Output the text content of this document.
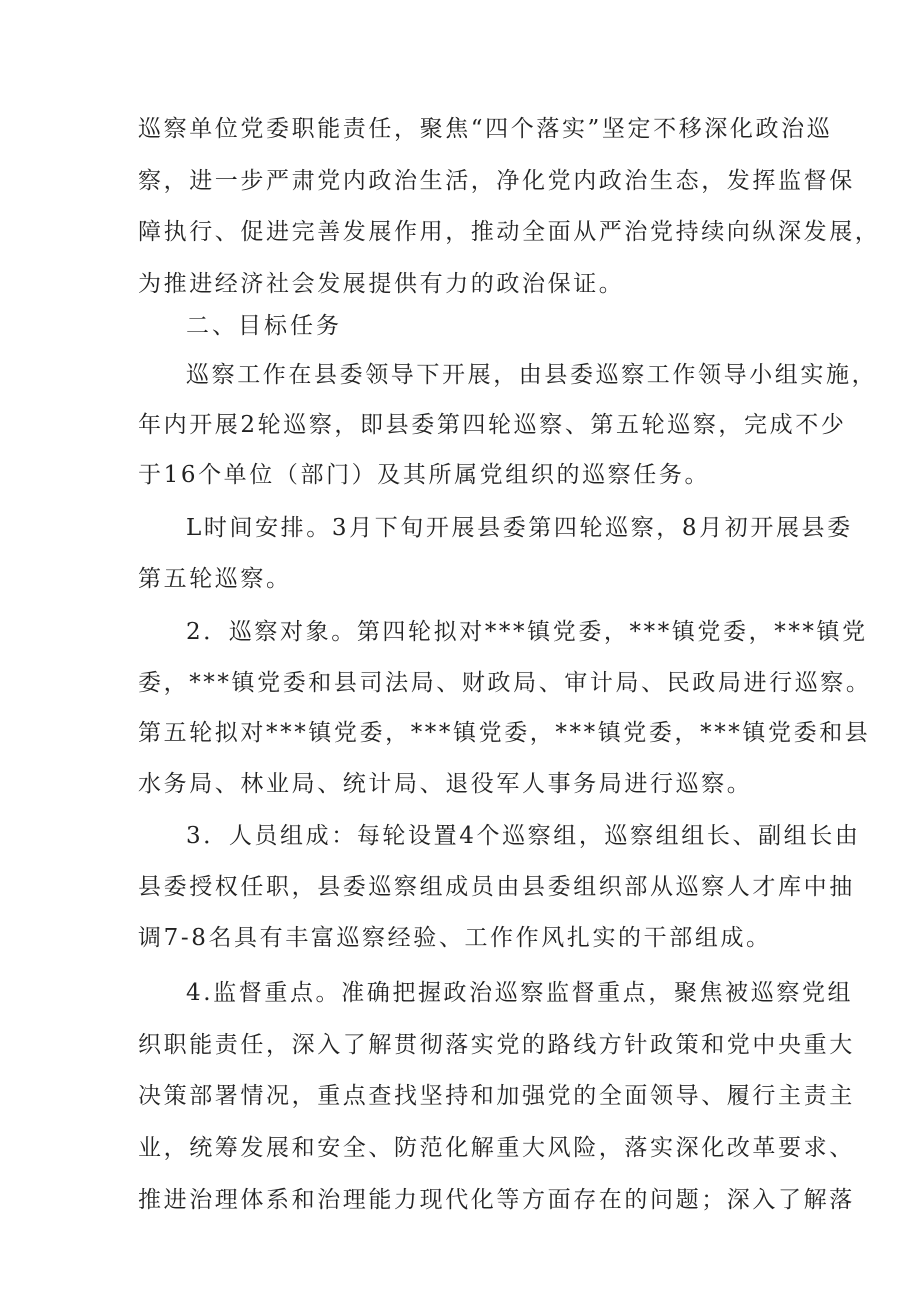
巡察单位党委职能责任，聚焦“四个落实”坚定不移深化政治巡
察，进一步严肃党内政治生活，净化党内政治生态，发挥监督保
障执行、促进完善发展作用，推动全面从严治党持续向纵深发展，
为推进经济社会发展提供有力的政治保证。
二、目标任务
巡察工作在县委领导下开展，由县委巡察工作领导小组实施，
年内开展2轮巡察，即县委第四轮巡察、第五轮巡察，完成不少
于16个单位（部门）及其所属党组织的巡察任务。
L时间安排。3月下旬开展县委第四轮巡察，8月初开展县委
第五轮巡察。
2．巡察对象。第四轮拟对***镇党委，***镇党委，***镇党
委，***镇党委和县司法局、财政局、审计局、民政局进行巡察。
第五轮拟对***镇党委，***镇党委，***镇党委，***镇党委和县
水务局、林业局、统计局、退役军人事务局进行巡察。
3．人员组成：每轮设置4个巡察组，巡察组组长、副组长由
县委授权任职，县委巡察组成员由县委组织部从巡察人才库中抽
调7-8名具有丰富巡察经验、工作作风扎实的干部组成。
4.监督重点。准确把握政治巡察监督重点，聚焦被巡察党组
织职能责任，深入了解贯彻落实党的路线方针政策和党中央重大
决策部署情况，重点查找坚持和加强党的全面领导、履行主责主
业，统筹发展和安全、防范化解重大风险，落实深化改革要求、
推进治理体系和治理能力现代化等方面存在的问题；深入了解落
